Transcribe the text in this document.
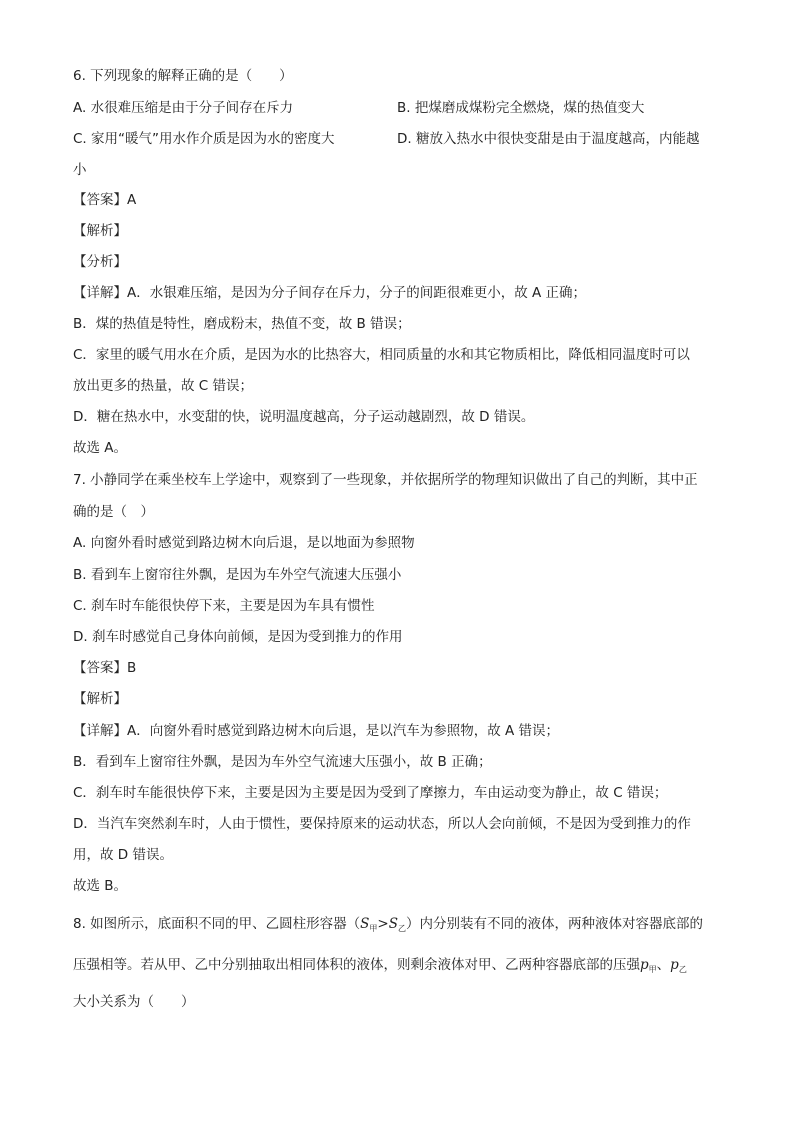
6. 下列现象的解释正确的是（　　）
A. 水很难压缩是由于分子间存在斥力	B. 把煤磨成煤粉完全燃烧，煤的热值变大
C. 家用“暖气”用水作介质是因为水的密度大	D. 糖放入热水中很快变甜是由于温度越高，内能越
小
【答案】A
【解析】
【分析】
【详解】A．水银难压缩，是因为分子间存在斥力，分子的间距很难更小，故 A 正确；
B．煤的热值是特性，磨成粉末，热值不变，故 B 错误；
C．家里的暖气用水在介质，是因为水的比热容大，相同质量的水和其它物质相比，降低相同温度时可以
放出更多的热量，故 C 错误；
D．糖在热水中，水变甜的快，说明温度越高，分子运动越剧烈，故 D 错误。
故选 A。
7. 小静同学在乘坐校车上学途中，观察到了一些现象，并依据所学的物理知识做出了自己的判断，其中正
确的是（　）
A. 向窗外看时感觉到路边树木向后退，是以地面为参照物
B. 看到车上窗帘往外飘，是因为车外空气流速大压强小
C. 刹车时车能很快停下来，主要是因为车具有惯性
D. 刹车时感觉自己身体向前倾，是因为受到推力的作用
【答案】B
【解析】
【详解】A．向窗外看时感觉到路边树木向后退，是以汽车为参照物，故 A 错误；
B．看到车上窗帘往外飘，是因为车外空气流速大压强小，故 B 正确；
C．刹车时车能很快停下来，主要是因为主要是因为受到了摩擦力，车由运动变为静止，故 C 错误；
D．当汽车突然刹车时，人由于惯性，要保持原来的运动状态，所以人会向前倾，不是因为受到推力的作
用，故 D 错误。
故选 B。
8. 如图所示，底面积不同的甲、乙圆柱形容器$(S_甲>S_乙)$内分别装有不同的液体，两种液体对容器底部的
压强相等。若从甲、乙中分别抽取出相同体积的液体，则剩余液体对甲、乙两种容器底部的压强$p_甲$、$p_乙$
大小关系为（　　）
